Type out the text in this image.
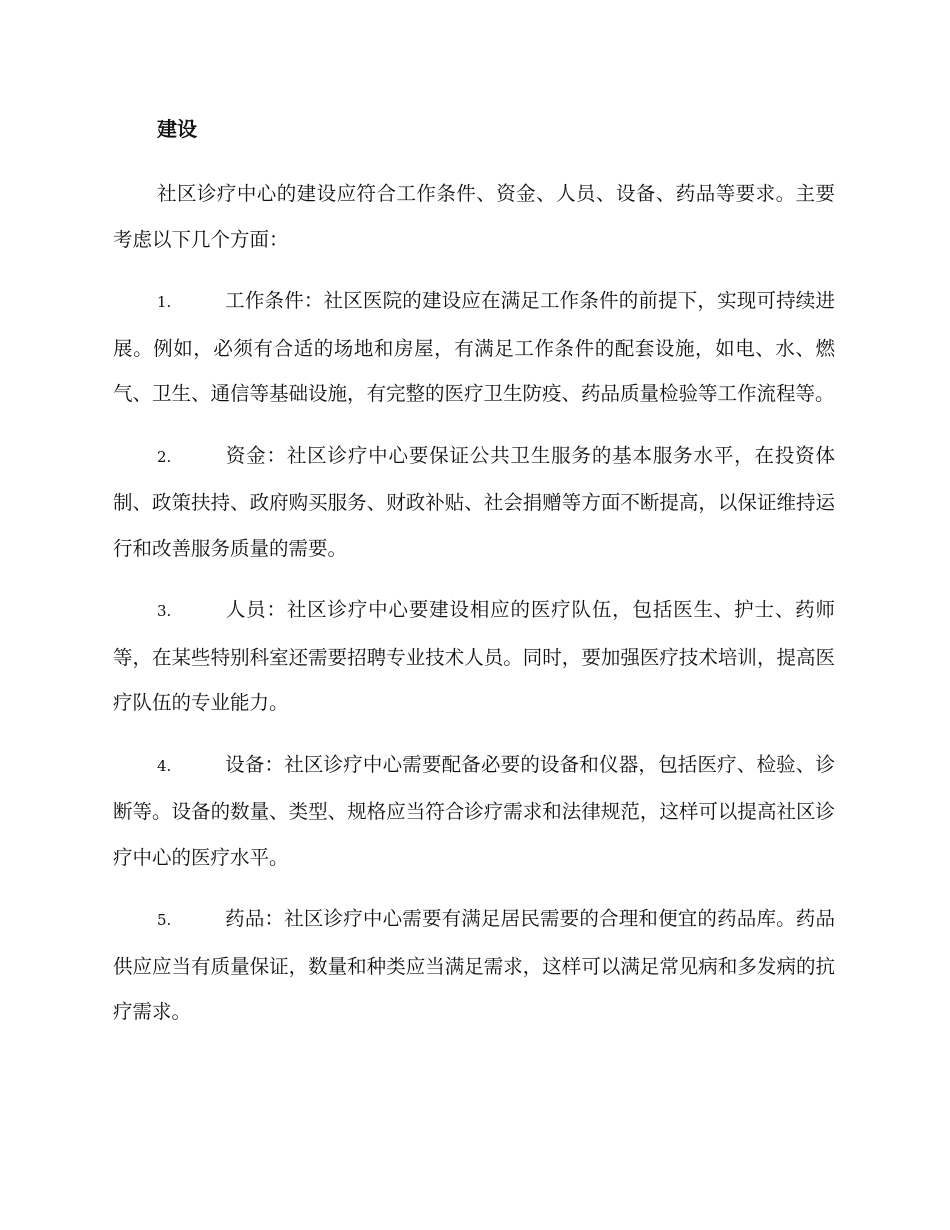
建设

社区诊疗中心的建设应符合工作条件、资金、人员、设备、药品等要求。主要考虑以下几个方面：

1.	工作条件：社区医院的建设应在满足工作条件的前提下，实现可持续进展。例如，必须有合适的场地和房屋，有满足工作条件的配套设施，如电、水、燃气、卫生、通信等基础设施，有完整的医疗卫生防疫、药品质量检验等工作流程等。

2.	资金：社区诊疗中心要保证公共卫生服务的基本服务水平，在投资体制、政策扶持、政府购买服务、财政补贴、社会捐赠等方面不断提高，以保证维持运行和改善服务质量的需要。

3.	人员：社区诊疗中心要建设相应的医疗队伍，包括医生、护士、药师等，在某些特别科室还需要招聘专业技术人员。同时，要加强医疗技术培训，提高医疗队伍的专业能力。

4.	设备：社区诊疗中心需要配备必要的设备和仪器，包括医疗、检验、诊断等。设备的数量、类型、规格应当符合诊疗需求和法律规范，这样可以提高社区诊疗中心的医疗水平。

5.	药品：社区诊疗中心需要有满足居民需要的合理和便宜的药品库。药品供应应当有质量保证，数量和种类应当满足需求，这样可以满足常见病和多发病的抗疗需求。
